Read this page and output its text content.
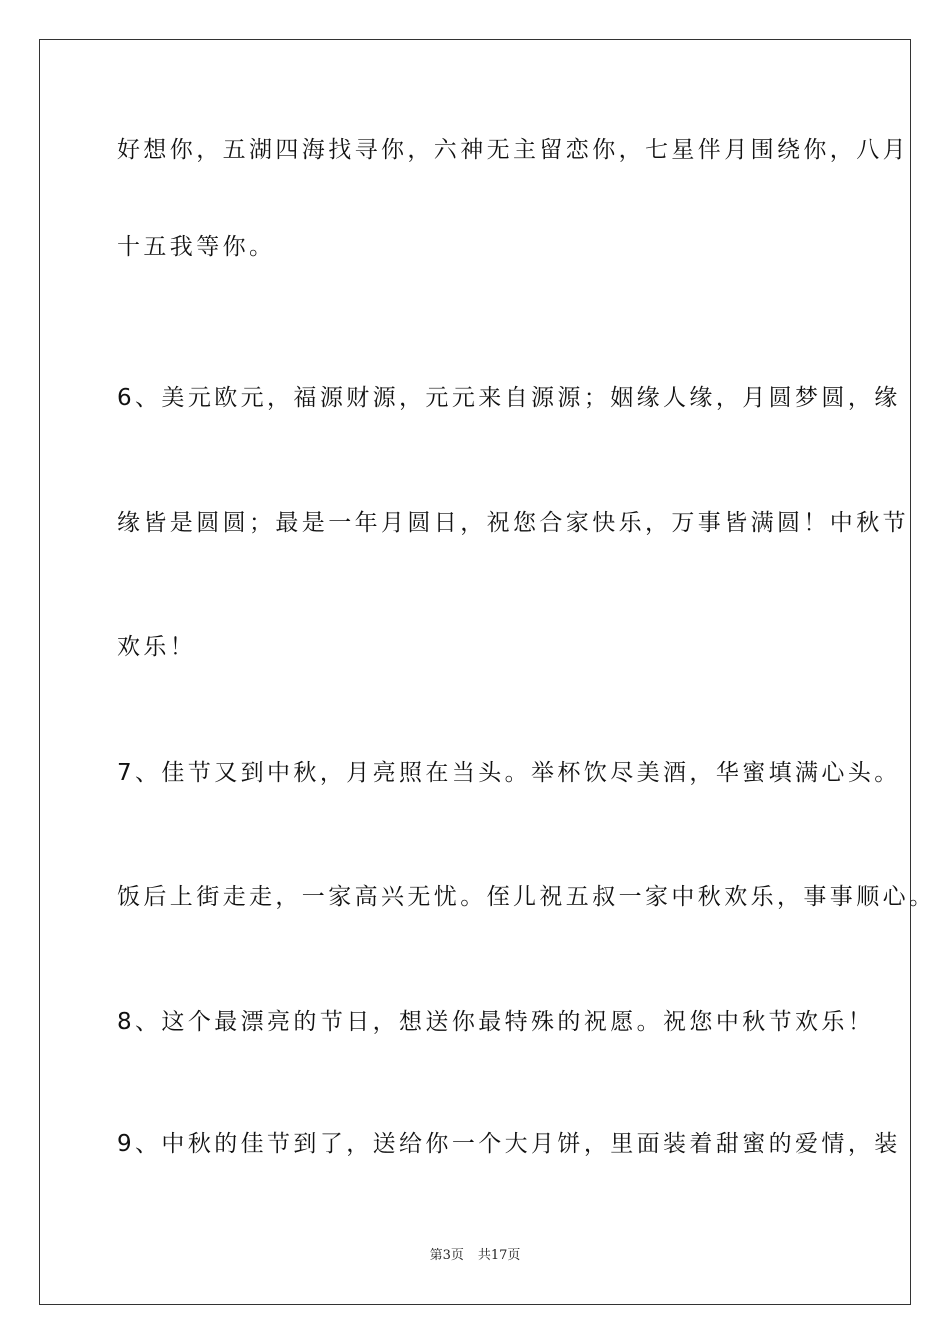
好想你，五湖四海找寻你，六神无主留恋你，七星伴月围绕你，八月

十五我等你。

6、美元欧元，福源财源，元元来自源源；姻缘人缘，月圆梦圆，缘

缘皆是圆圆；最是一年月圆日，祝您合家快乐，万事皆满圆！中秋节

欢乐！

7、佳节又到中秋，月亮照在当头。举杯饮尽美酒，华蜜填满心头。

饭后上街走走，一家高兴无忧。侄儿祝五叔一家中秋欢乐，事事顺心。

8、这个最漂亮的节日，想送你最特殊的祝愿。祝您中秋节欢乐！

9、中秋的佳节到了，送给你一个大月饼，里面装着甜蜜的爱情，装

第3页 共17页
